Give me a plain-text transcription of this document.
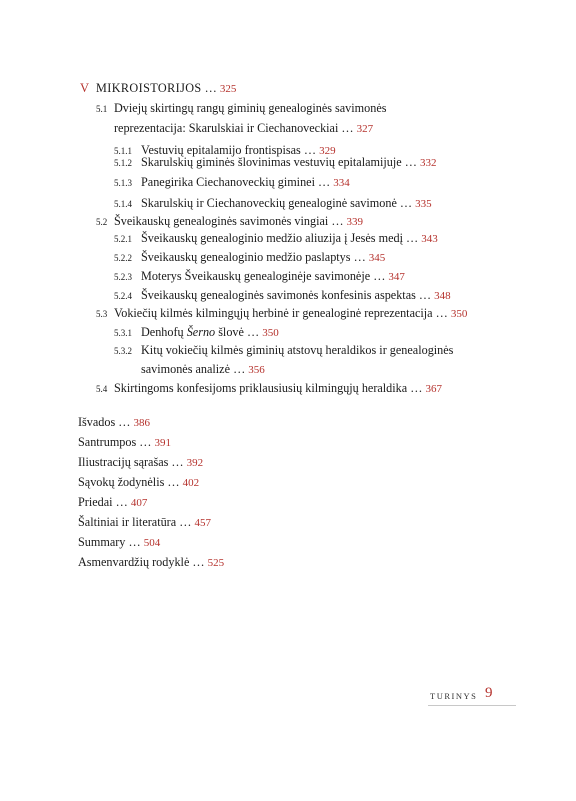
V MIKROISTORIJOS … 325
5.1 Dviejų skirtingų rangų giminių genealoginės savimonės
reprezentacija: Skarulskiai ir Ciechanoveckiai … 327
5.1.1 Vestuvių epitalamijo frontispisas … 329
5.1.2 Skarulskių giminės šlovinimas vestuvių epitalamijuje … 332
5.1.3 Panegirika Ciechanoveckių giminei … 334
5.1.4 Skarulskių ir Ciechanoveckių genealoginė savimonė … 335
5.2 Šveikauskų genealoginės savimonės vingiai … 339
5.2.1 Šveikauskų genealoginio medžio aliuzija į Jesės medį … 343
5.2.2 Šveikauskų genealoginio medžio paslaptys … 345
5.2.3 Moterys Šveikauskų genealoginėje savimonėje … 347
5.2.4 Šveikauskų genealoginės savimonės konfesinis aspektas … 348
5.3 Vokiečių kilmės kilmingųjų herbinė ir genealoginė reprezentacija … 350
5.3.1 Denhofų Šerno šlovė … 350
5.3.2 Kitų vokiečių kilmės giminių atstovų heraldikos ir genealoginės
savimonės analizė … 356
5.4 Skirtingoms konfesijoms priklausiusių kilmingųjų heraldika … 367
Išvados … 386
Santrumpos … 391
Iliustracijų sąrašas … 392
Sąvokų žodynėlis … 402
Priedai … 407
Šaltiniai ir literatūra … 457
Summary … 504
Asmenvardžių rodyklė … 525
TURINYS 9
